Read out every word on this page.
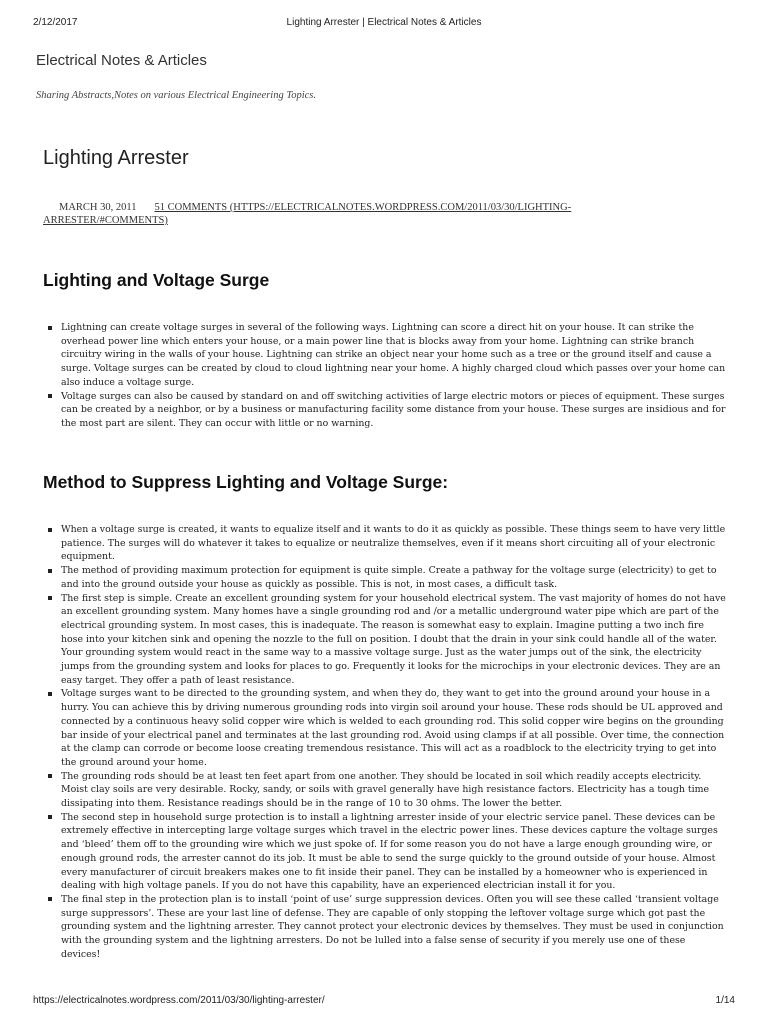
2/12/2017	Lighting Arrester | Electrical Notes & Articles
Electrical Notes & Articles
Sharing Abstracts,Notes on various Electrical Engineering Topics.
Lighting Arrester
MARCH 30, 2011 51 COMMENTS (HTTPS://ELECTRICALNOTES.WORDPRESS.COM/2011/03/30/LIGHTING-ARRESTER/#COMMENTS)
Lighting and Voltage Surge
Lightning can create voltage surges in several of the following ways. Lightning can score a direct hit on your house. It can strike the overhead power line which enters your house, or a main power line that is blocks away from your home. Lightning can strike branch circuitry wiring in the walls of your house. Lightning can strike an object near your home such as a tree or the ground itself and cause a surge. Voltage surges can be created by cloud to cloud lightning near your home. A highly charged cloud which passes over your home can also induce a voltage surge.
Voltage surges can also be caused by standard on and off switching activities of large electric motors or pieces of equipment. These surges can be created by a neighbor, or by a business or manufacturing facility some distance from your house. These surges are insidious and for the most part are silent. They can occur with little or no warning.
Method to Suppress Lighting and Voltage Surge:
When a voltage surge is created, it wants to equalize itself and it wants to do it as quickly as possible. These things seem to have very little patience. The surges will do whatever it takes to equalize or neutralize themselves, even if it means short circuiting all of your electronic equipment.
The method of providing maximum protection for equipment is quite simple. Create a pathway for the voltage surge (electricity) to get to and into the ground outside your house as quickly as possible. This is not, in most cases, a difficult task.
The first step is simple. Create an excellent grounding system for your household electrical system. The vast majority of homes do not have an excellent grounding system. Many homes have a single grounding rod and /or a metallic underground water pipe which are part of the electrical grounding system. In most cases, this is inadequate. The reason is somewhat easy to explain. Imagine putting a two inch fire hose into your kitchen sink and opening the nozzle to the full on position. I doubt that the drain in your sink could handle all of the water. Your grounding system would react in the same way to a massive voltage surge. Just as the water jumps out of the sink, the electricity jumps from the grounding system and looks for places to go. Frequently it looks for the microchips in your electronic devices. They are an easy target. They offer a path of least resistance.
Voltage surges want to be directed to the grounding system, and when they do, they want to get into the ground around your house in a hurry. You can achieve this by driving numerous grounding rods into virgin soil around your house. These rods should be UL approved and connected by a continuous heavy solid copper wire which is welded to each grounding rod. This solid copper wire begins on the grounding bar inside of your electrical panel and terminates at the last grounding rod. Avoid using clamps if at all possible. Over time, the connection at the clamp can corrode or become loose creating tremendous resistance. This will act as a roadblock to the electricity trying to get into the ground around your home.
The grounding rods should be at least ten feet apart from one another. They should be located in soil which readily accepts electricity. Moist clay soils are very desirable. Rocky, sandy, or soils with gravel generally have high resistance factors. Electricity has a tough time dissipating into them. Resistance readings should be in the range of 10 to 30 ohms. The lower the better.
The second step in household surge protection is to install a lightning arrester inside of your electric service panel. These devices can be extremely effective in intercepting large voltage surges which travel in the electric power lines. These devices capture the voltage surges and ‘bleed’ them off to the grounding wire which we just spoke of. If for some reason you do not have a large enough grounding wire, or enough ground rods, the arrester cannot do its job. It must be able to send the surge quickly to the ground outside of your house. Almost every manufacturer of circuit breakers makes one to fit inside their panel. They can be installed by a homeowner who is experienced in dealing with high voltage panels. If you do not have this capability, have an experienced electrician install it for you.
The final step in the protection plan is to install ‘point of use’ surge suppression devices. Often you will see these called ‘transient voltage surge suppressors’. These are your last line of defense. They are capable of only stopping the leftover voltage surge which got past the grounding system and the lightning arrester. They cannot protect your electronic devices by themselves. They must be used in conjunction with the grounding system and the lightning arresters. Do not be lulled into a false sense of security if you merely use one of these devices!
https://electricalnotes.wordpress.com/2011/03/30/lighting-arrester/	1/14
